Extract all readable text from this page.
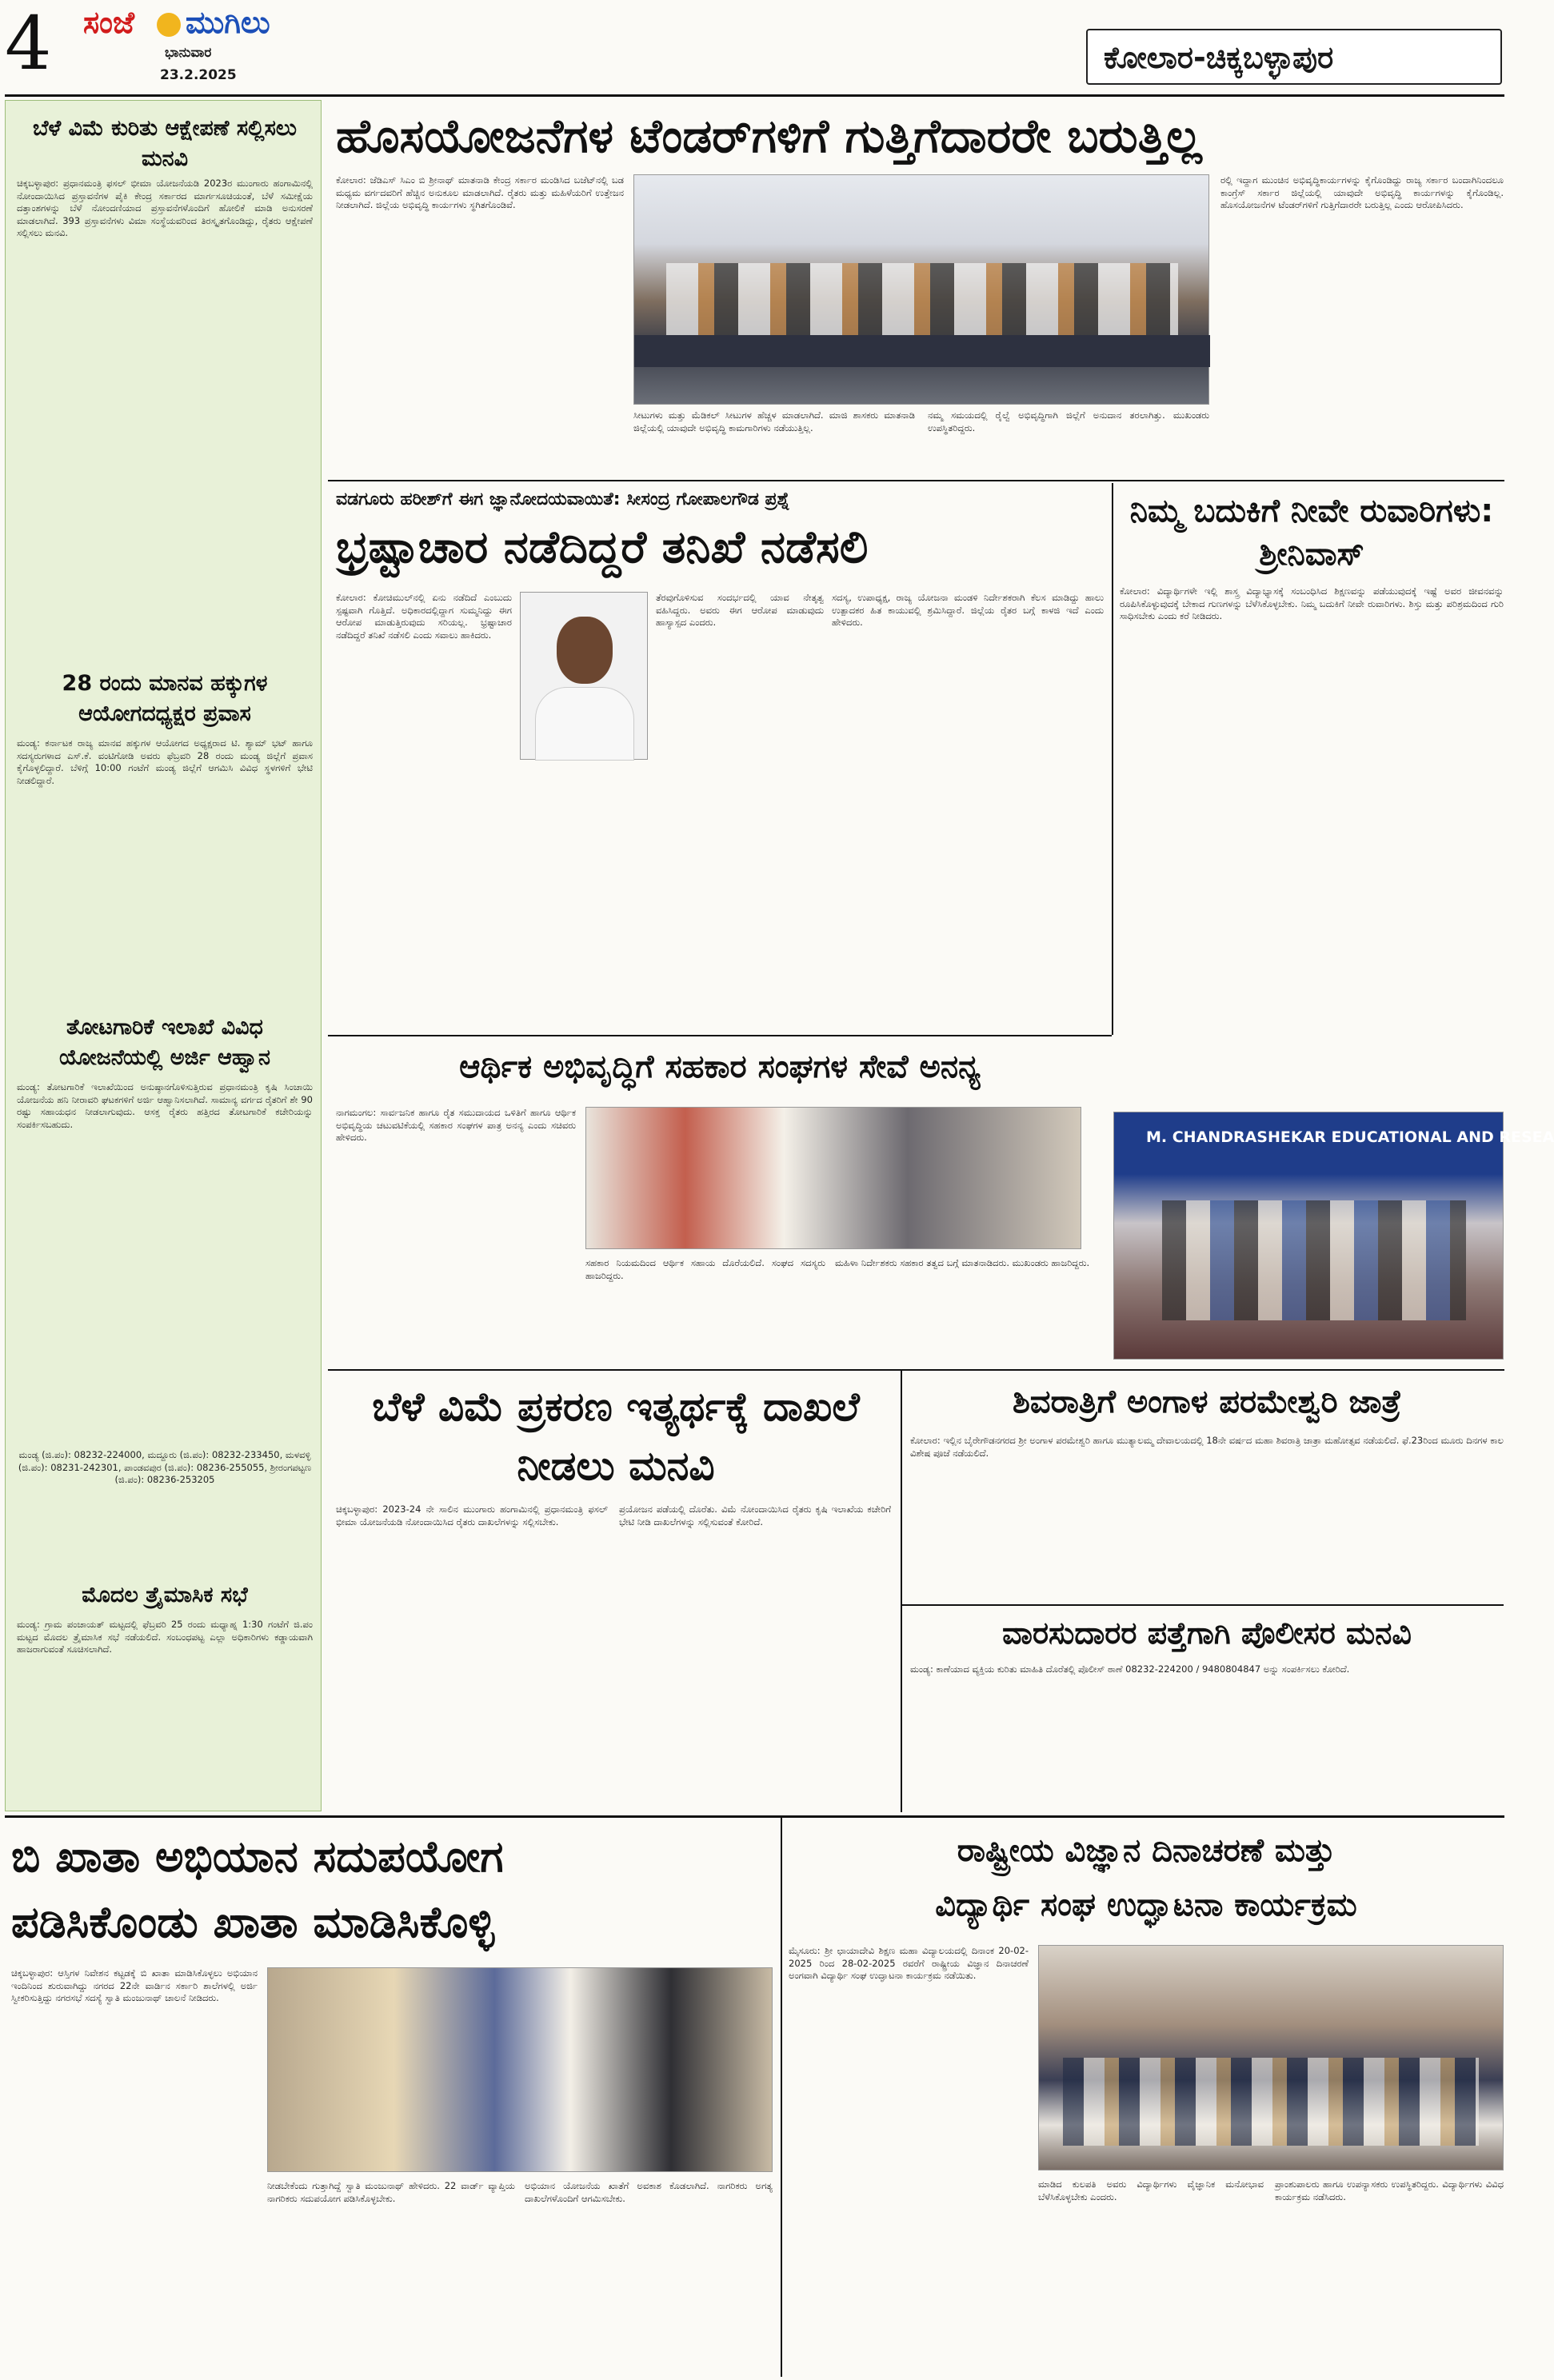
4	ಸಂಜೆ ಮುಗಿಲು
ಭಾನುವಾರ
23.2.2025	ಕೋಲಾರ-ಚಿಕ್ಕಬಳ್ಳಾಪುರ
ಬೆಳೆ ವಿಮೆ ಕುರಿತು ಆಕ್ಷೇಪಣೆ ಸಲ್ಲಿಸಲು ಮನವಿ
ಚಿಕ್ಕಬಳ್ಳಾಪುರ: ಪ್ರಧಾನಮಂತ್ರಿ ಫಸಲ್ ಭೀಮಾ ಯೋಜನೆಯಡಿ 2023ರ ಮುಂಗಾರು ಹಂಗಾಮಿನಲ್ಲಿ ನೋಂದಾಯಿಸಿದ ಪ್ರಸ್ತಾವನೆಗಳ ಪೈಕಿ ಕೇಂದ್ರ ಸರ್ಕಾರದ ಮಾರ್ಗಸೂಚಿಯಂತೆ, ಬೆಳೆ ಸಮೀಕ್ಷೆಯ ದತ್ತಾಂಶಗಳನ್ನು ಬೆಳೆ ನೋಂದಣಿಯಾದ ಪ್ರಸ್ತಾವನೆಗಳೊಂದಿಗೆ ಹೋಲಿಕೆ ಮಾಡಿ ಅನುಸರಣೆ ಮಾಡಲಾಗಿದೆ. 393 ಪ್ರಸ್ತಾವನೆಗಳು ವಿಮಾ ಸಂಸ್ಥೆಯವರಿಂದ ತಿರಸ್ಕೃತಗೊಂಡಿದ್ದು, ರೈತರು ಆಕ್ಷೇಪಣೆ ಸಲ್ಲಿಸಲು ಮನವಿ.
28 ರಂದು ಮಾನವ ಹಕ್ಕುಗಳ ಆಯೋಗದಧ್ಯಕ್ಷರ ಪ್ರವಾಸ
ಮಂಡ್ಯ: ಕರ್ನಾಟಕ ರಾಜ್ಯ ಮಾನವ ಹಕ್ಕುಗಳ ಆಯೋಗದ ಅಧ್ಯಕ್ಷರಾದ ಟಿ. ಶ್ಯಾಮ್ ಭಟ್ ಹಾಗೂ ಸದಸ್ಯರುಗಳಾದ ಎಸ್.ಕೆ. ವಂಟಿಗೋಡಿ ಅವರು ಫೆಬ್ರವರಿ 28 ರಂದು ಮಂಡ್ಯ ಜಿಲ್ಲೆಗೆ ಪ್ರವಾಸ ಕೈಗೊಳ್ಳಲಿದ್ದಾರೆ. ಬೆಳಿಗ್ಗೆ 10:00 ಗಂಟೆಗೆ ಮಂಡ್ಯ ಜಿಲ್ಲೆಗೆ ಆಗಮಿಸಿ ವಿವಿಧ ಸ್ಥಳಗಳಿಗೆ ಭೇಟಿ ನೀಡಲಿದ್ದಾರೆ.
ತೋಟಗಾರಿಕೆ ಇಲಾಖೆ ವಿವಿಧ ಯೋಜನೆಯಲ್ಲಿ ಅರ್ಜಿ ಆಹ್ವಾನ
ಮಂಡ್ಯ: ತೋಟಗಾರಿಕೆ ಇಲಾಖೆಯಿಂದ ಅನುಷ್ಠಾನಗೊಳಿಸುತ್ತಿರುವ ಪ್ರಧಾನಮಂತ್ರಿ ಕೃಷಿ ಸಿಂಚಾಯಿ ಯೋಜನೆಯ ಹನಿ ನೀರಾವರಿ ಘಟಕಗಳಿಗೆ ಅರ್ಜಿ ಆಹ್ವಾನಿಸಲಾಗಿದೆ. ಸಾಮಾನ್ಯ ವರ್ಗದ ರೈತರಿಗೆ ಶೇ 90 ರಷ್ಟು ಸಹಾಯಧನ ನೀಡಲಾಗುವುದು. ಆಸಕ್ತ ರೈತರು ಹತ್ತಿರದ ತೋಟಗಾರಿಕೆ ಕಚೇರಿಯನ್ನು ಸಂಪರ್ಕಿಸಬಹುದು.
ಮಂಡ್ಯ (ಜಿ.ಪಂ): 08232-224000, ಮದ್ದೂರು (ಜಿ.ಪಂ): 08232-233450, ಮಳವಳ್ಳಿ (ಜಿ.ಪಂ): 08231-242301, ಪಾಂಡವಪುರ (ಜಿ.ಪಂ): 08236-255055, ಶ್ರೀರಂಗಪಟ್ಟಣ (ಜಿ.ಪಂ): 08236-253205
ಮೊದಲ ತ್ರೈಮಾಸಿಕ ಸಭೆ
ಮಂಡ್ಯ: ಗ್ರಾಮ ಪಂಚಾಯತ್ ಮಟ್ಟದಲ್ಲಿ ಫೆಬ್ರವರಿ 25 ರಂದು ಮಧ್ಯಾಹ್ನ 1:30 ಗಂಟೆಗೆ ಜಿ.ಪಂ ಮಟ್ಟದ ಮೊದಲ ತ್ರೈಮಾಸಿಕ ಸಭೆ ನಡೆಯಲಿದೆ. ಸಂಬಂಧಪಟ್ಟ ಎಲ್ಲಾ ಅಧಿಕಾರಿಗಳು ಕಡ್ಡಾಯವಾಗಿ ಹಾಜರಾಗುವಂತೆ ಸೂಚಿಸಲಾಗಿದೆ.
ಹೊಸಯೋಜನೆಗಳ ಟೆಂಡರ್‌ಗಳಿಗೆ ಗುತ್ತಿಗೆದಾರರೇ ಬರುತ್ತಿಲ್ಲ
ಕೋಲಾರ: ಜೆಡಿಎಸ್ ಸಿಎಂ ಬಿ ಶ್ರೀನಾಥ್ ಮಾತನಾಡಿ ಕೇಂದ್ರ ಸರ್ಕಾರ ಮಂಡಿಸಿದ ಬಜೆಟ್‌ನಲ್ಲಿ ಬಡ ಮಧ್ಯಮ ವರ್ಗದವರಿಗೆ ಹೆಚ್ಚಿನ ಅನುಕೂಲ ಮಾಡಲಾಗಿದೆ. ರೈತರು ಮತ್ತು ಮಹಿಳೆಯರಿಗೆ ಉತ್ತೇಜನ ನೀಡಲಾಗಿದೆ. ಜಿಲ್ಲೆಯ ಅಭಿವೃದ್ಧಿ ಕಾರ್ಯಗಳು ಸ್ಥಗಿತಗೊಂಡಿವೆ.
ಸೀಟುಗಳು ಮತ್ತು ಮೆಡಿಕಲ್ ಸೀಟುಗಳ ಹೆಚ್ಚಳ ಮಾಡಲಾಗಿದೆ. ಮಾಜಿ ಶಾಸಕರು ಮಾತನಾಡಿ ಜಿಲ್ಲೆಯಲ್ಲಿ ಯಾವುದೇ ಅಭಿವೃದ್ಧಿ ಕಾಮಗಾರಿಗಳು ನಡೆಯುತ್ತಿಲ್ಲ.
ನಮ್ಮ ಸಮಯದಲ್ಲಿ ರೈಲ್ವೆ ಅಭಿವೃದ್ಧಿಗಾಗಿ ಜಿಲ್ಲೆಗೆ ಅನುದಾನ ತರಲಾಗಿತ್ತು. ಮುಖಂಡರು ಉಪಸ್ಥಿತರಿದ್ದರು.
ರಲ್ಲಿ ಇದ್ದಾಗ ಮುಂಚಿನ ಅಭಿವೃದ್ಧಿಕಾರ್ಯಗಳನ್ನು ಕೈಗೊಂಡಿದ್ದು ರಾಜ್ಯ ಸರ್ಕಾರ ಬಂದಾಗಿನಿಂದಲೂ ಕಾಂಗ್ರೆಸ್ ಸರ್ಕಾರ ಜಿಲ್ಲೆಯಲ್ಲಿ ಯಾವುದೇ ಅಭಿವೃದ್ಧಿ ಕಾರ್ಯಗಳನ್ನು ಕೈಗೊಂಡಿಲ್ಲ. ಹೊಸಯೋಜನೆಗಳ ಟೆಂಡರ್‌ಗಳಿಗೆ ಗುತ್ತಿಗೆದಾರರೇ ಬರುತ್ತಿಲ್ಲ ಎಂದು ಆರೋಪಿಸಿದರು.
ವಡಗೂರು ಹರೀಶ್‌ಗೆ ಈಗ ಜ್ಞಾನೋದಯವಾಯಿತೆ: ಸೀಸಂದ್ರ ಗೋಪಾಲಗೌಡ ಪ್ರಶ್ನೆ
ಭ್ರಷ್ಟಾಚಾರ ನಡೆದಿದ್ದರೆ ತನಿಖೆ ನಡೆಸಲಿ
ಕೋಲಾರ: ಕೋಚಿಮುಲ್‌ನಲ್ಲಿ ಏನು ನಡೆದಿದೆ ಎಂಬುದು ಸ್ಪಷ್ಟವಾಗಿ ಗೊತ್ತಿದೆ. ಅಧಿಕಾರದಲ್ಲಿದ್ದಾಗ ಸುಮ್ಮನಿದ್ದು ಈಗ ಆರೋಪ ಮಾಡುತ್ತಿರುವುದು ಸರಿಯಲ್ಲ. ಭ್ರಷ್ಟಾಚಾರ ನಡೆದಿದ್ದರೆ ತನಿಖೆ ನಡೆಸಲಿ ಎಂದು ಸವಾಲು ಹಾಕಿದರು.
ತೆರವುಗೊಳಿಸುವ ಸಂದರ್ಭದಲ್ಲಿ ಯಾವ ನೇತೃತ್ವ ವಹಿಸಿದ್ದರು. ಅವರು ಈಗ ಆರೋಪ ಮಾಡುವುದು ಹಾಸ್ಯಾಸ್ಪದ ಎಂದರು.
ಸದಸ್ಯ, ಉಪಾಧ್ಯಕ್ಷ, ರಾಜ್ಯ ಯೋಜನಾ ಮಂಡಳಿ ನಿರ್ದೇಶಕರಾಗಿ ಕೆಲಸ ಮಾಡಿದ್ದು ಹಾಲು ಉತ್ಪಾದಕರ ಹಿತ ಕಾಯುವಲ್ಲಿ ಶ್ರಮಿಸಿದ್ದಾರೆ. ಜಿಲ್ಲೆಯ ರೈತರ ಬಗ್ಗೆ ಕಾಳಜಿ ಇದೆ ಎಂದು ಹೇಳಿದರು.
ನಿಮ್ಮ ಬದುಕಿಗೆ ನೀವೇ ರುವಾರಿಗಳು: ಶ್ರೀನಿವಾಸ್
ಕೋಲಾರ: ವಿದ್ಯಾರ್ಥಿಗಳೇ ಇಲ್ಲಿ ಶಾಸ್ತ್ರ ವಿದ್ಯಾಭ್ಯಾಸಕ್ಕೆ ಸಂಬಂಧಿಸಿದ ಶಿಕ್ಷಣವನ್ನು ಪಡೆಯುವುದಕ್ಕೆ ಇಷ್ಟೆ ಅವರ ಜೀವನವನ್ನು ರೂಪಿಸಿಕೊಳ್ಳುವುದಕ್ಕೆ ಬೇಕಾದ ಗುಣಗಳನ್ನು ಬೆಳೆಸಿಕೊಳ್ಳಬೇಕು. ನಿಮ್ಮ ಬದುಕಿಗೆ ನೀವೇ ರುವಾರಿಗಳು. ಶಿಸ್ತು ಮತ್ತು ಪರಿಶ್ರಮದಿಂದ ಗುರಿ ಸಾಧಿಸಬೇಕು ಎಂದು ಕರೆ ನೀಡಿದರು.
M. CHANDRASHEKAR EDUCATIONAL AND RESEA
ಆರ್ಥಿಕ ಅಭಿವೃದ್ಧಿಗೆ ಸಹಕಾರ ಸಂಘಗಳ ಸೇವೆ ಅನನ್ಯ
ನಾಗಮಂಗಲ: ಸಾರ್ವಜನಿಕ ಹಾಗೂ ರೈತ ಸಮುದಾಯದ ಒಳಿತಿಗೆ ಹಾಗೂ ಆರ್ಥಿಕ ಅಭಿವೃದ್ಧಿಯ ಚಟುವಟಿಕೆಯಲ್ಲಿ ಸಹಕಾರ ಸಂಘಗಳ ಪಾತ್ರ ಅನನ್ಯ ಎಂದು ಸಚಿವರು ಹೇಳಿದರು.
ಸಹಕಾರ ನಿಯಮದಿಂದ ಆರ್ಥಿಕ ಸಹಾಯ ದೊರೆಯಲಿದೆ. ಸಂಘದ ಸದಸ್ಯರು ಹಾಜರಿದ್ದರು.
ಮಹಿಳಾ ನಿರ್ದೇಶಕರು ಸಹಕಾರ ತತ್ವದ ಬಗ್ಗೆ ಮಾತನಾಡಿದರು. ಮುಖಂಡರು ಹಾಜರಿದ್ದರು.
ಬೆಳೆ ವಿಮೆ ಪ್ರಕರಣ ಇತ್ಯರ್ಥಕ್ಕೆ ದಾಖಲೆ ನೀಡಲು ಮನವಿ
ಚಿಕ್ಕಬಳ್ಳಾಪುರ: 2023-24 ನೇ ಸಾಲಿನ ಮುಂಗಾರು ಹಂಗಾಮಿನಲ್ಲಿ ಪ್ರಧಾನಮಂತ್ರಿ ಫಸಲ್ ಭೀಮಾ ಯೋಜನೆಯಡಿ ನೋಂದಾಯಿಸಿದ ರೈತರು ದಾಖಲೆಗಳನ್ನು ಸಲ್ಲಿಸಬೇಕು.
ಪ್ರಯೋಜನ ಪಡೆಯಲ್ಲಿ ದೊರೆತು. ವಿಮೆ ನೋಂದಾಯಿಸಿದ ರೈತರು ಕೃಷಿ ಇಲಾಖೆಯ ಕಚೇರಿಗೆ ಭೇಟಿ ನೀಡಿ ದಾಖಲೆಗಳನ್ನು ಸಲ್ಲಿಸುವಂತೆ ಕೋರಿದೆ.
ಶಿವರಾತ್ರಿಗೆ ಅಂಗಾಳ ಪರಮೇಶ್ವರಿ ಜಾತ್ರೆ
ಕೋಲಾರ: ಇಲ್ಲಿನ ಬೈರೇಗೌಡನಗರದ ಶ್ರೀ ಅಂಗಾಳ ಪರಮೇಶ್ವರಿ ಹಾಗೂ ಮುತ್ಯಾಲಮ್ಮ ದೇವಾಲಯದಲ್ಲಿ 18ನೇ ವರ್ಷದ ಮಹಾ ಶಿವರಾತ್ರಿ ಜಾತ್ರಾ ಮಹೋತ್ಸವ ನಡೆಯಲಿದೆ. ಫೆ.23ರಿಂದ ಮೂರು ದಿನಗಳ ಕಾಲ ವಿಶೇಷ ಪೂಜೆ ನಡೆಯಲಿದೆ.
ವಾರಸುದಾರರ ಪತ್ತೆಗಾಗಿ ಪೊಲೀಸರ ಮನವಿ
ಮಂಡ್ಯ: ಕಾಣೆಯಾದ ವ್ಯಕ್ತಿಯ ಕುರಿತು ಮಾಹಿತಿ ದೊರೆತಲ್ಲಿ ಪೊಲೀಸ್ ಠಾಣೆ 08232-224200 / 9480804847 ಅನ್ನು ಸಂಪರ್ಕಿಸಲು ಕೋರಿದೆ.
ಬಿ ಖಾತಾ ಅಭಿಯಾನ ಸದುಪಯೋಗ
ಪಡಿಸಿಕೊಂಡು ಖಾತಾ ಮಾಡಿಸಿಕೊಳ್ಳಿ
ಚಿಕ್ಕಬಳ್ಳಾಪುರ: ಆಸ್ತಿಗಳ ನಿವೇಶನ ಕಟ್ಟಡಕ್ಕೆ ಬಿ ಖಾತಾ ಮಾಡಿಸಿಕೊಳ್ಳಲು ಅಭಿಯಾನ ಇಂದಿನಿಂದ ಶುರುವಾಗಿದ್ದು ನಗರದ 22ನೇ ವಾರ್ಡಿನ ಸರ್ಕಾರಿ ಶಾಲೆಗಳಲ್ಲಿ ಅರ್ಜಿ ಸ್ವೀಕರಿಸುತ್ತಿದ್ದು ನಗರಸಭೆ ಸದಸ್ಯೆ ಸ್ವಾತಿ ಮಂಜುನಾಥ್ ಚಾಲನೆ ನೀಡಿದರು.
ನೀಡಬೇಕೆಂದು ಗುತ್ತಾಗಿದ್ದೆ ಸ್ವಾತಿ ಮಂಜುನಾಥ್ ಹೇಳಿದರು. 22 ವಾರ್ಡ್ ವ್ಯಾಪ್ತಿಯ ನಾಗರಿಕರು ಸದುಪಯೋಗ ಪಡಿಸಿಕೊಳ್ಳಬೇಕು.
ಅಭಿಯಾನ ಯೋಜನೆಯ ಖಾತೆಗೆ ಅವಕಾಶ ಕೊಡಲಾಗಿದೆ. ನಾಗರಿಕರು ಅಗತ್ಯ ದಾಖಲೆಗಳೊಂದಿಗೆ ಆಗಮಿಸಬೇಕು.
ರಾಷ್ಟ್ರೀಯ ವಿಜ್ಞಾನ ದಿನಾಚರಣೆ ಮತ್ತು
ವಿದ್ಯಾರ್ಥಿ ಸಂಘ ಉದ್ಘಾಟನಾ ಕಾರ್ಯಕ್ರಮ
ಮೈಸೂರು: ಶ್ರೀ ಛಾಯಾದೇವಿ ಶಿಕ್ಷಣ ಮಹಾ ವಿದ್ಯಾಲಯದಲ್ಲಿ ದಿನಾಂಕ 20-02-2025 ರಿಂದ 28-02-2025 ರವರೆಗೆ ರಾಷ್ಟ್ರೀಯ ವಿಜ್ಞಾನ ದಿನಾಚರಣೆ ಅಂಗವಾಗಿ ವಿದ್ಯಾರ್ಥಿ ಸಂಘ ಉದ್ಘಾಟನಾ ಕಾರ್ಯಕ್ರಮ ನಡೆಯಿತು.
ಮಾಡಿದ ಕುಲಪತಿ ಅವರು ವಿದ್ಯಾರ್ಥಿಗಳು ವೈಜ್ಞಾನಿಕ ಮನೋಭಾವ ಬೆಳೆಸಿಕೊಳ್ಳಬೇಕು ಎಂದರು.
ಪ್ರಾಂಶುಪಾಲರು ಹಾಗೂ ಉಪನ್ಯಾಸಕರು ಉಪಸ್ಥಿತರಿದ್ದರು. ವಿದ್ಯಾರ್ಥಿಗಳು ವಿವಿಧ ಕಾರ್ಯಕ್ರಮ ನಡೆಸಿದರು.
